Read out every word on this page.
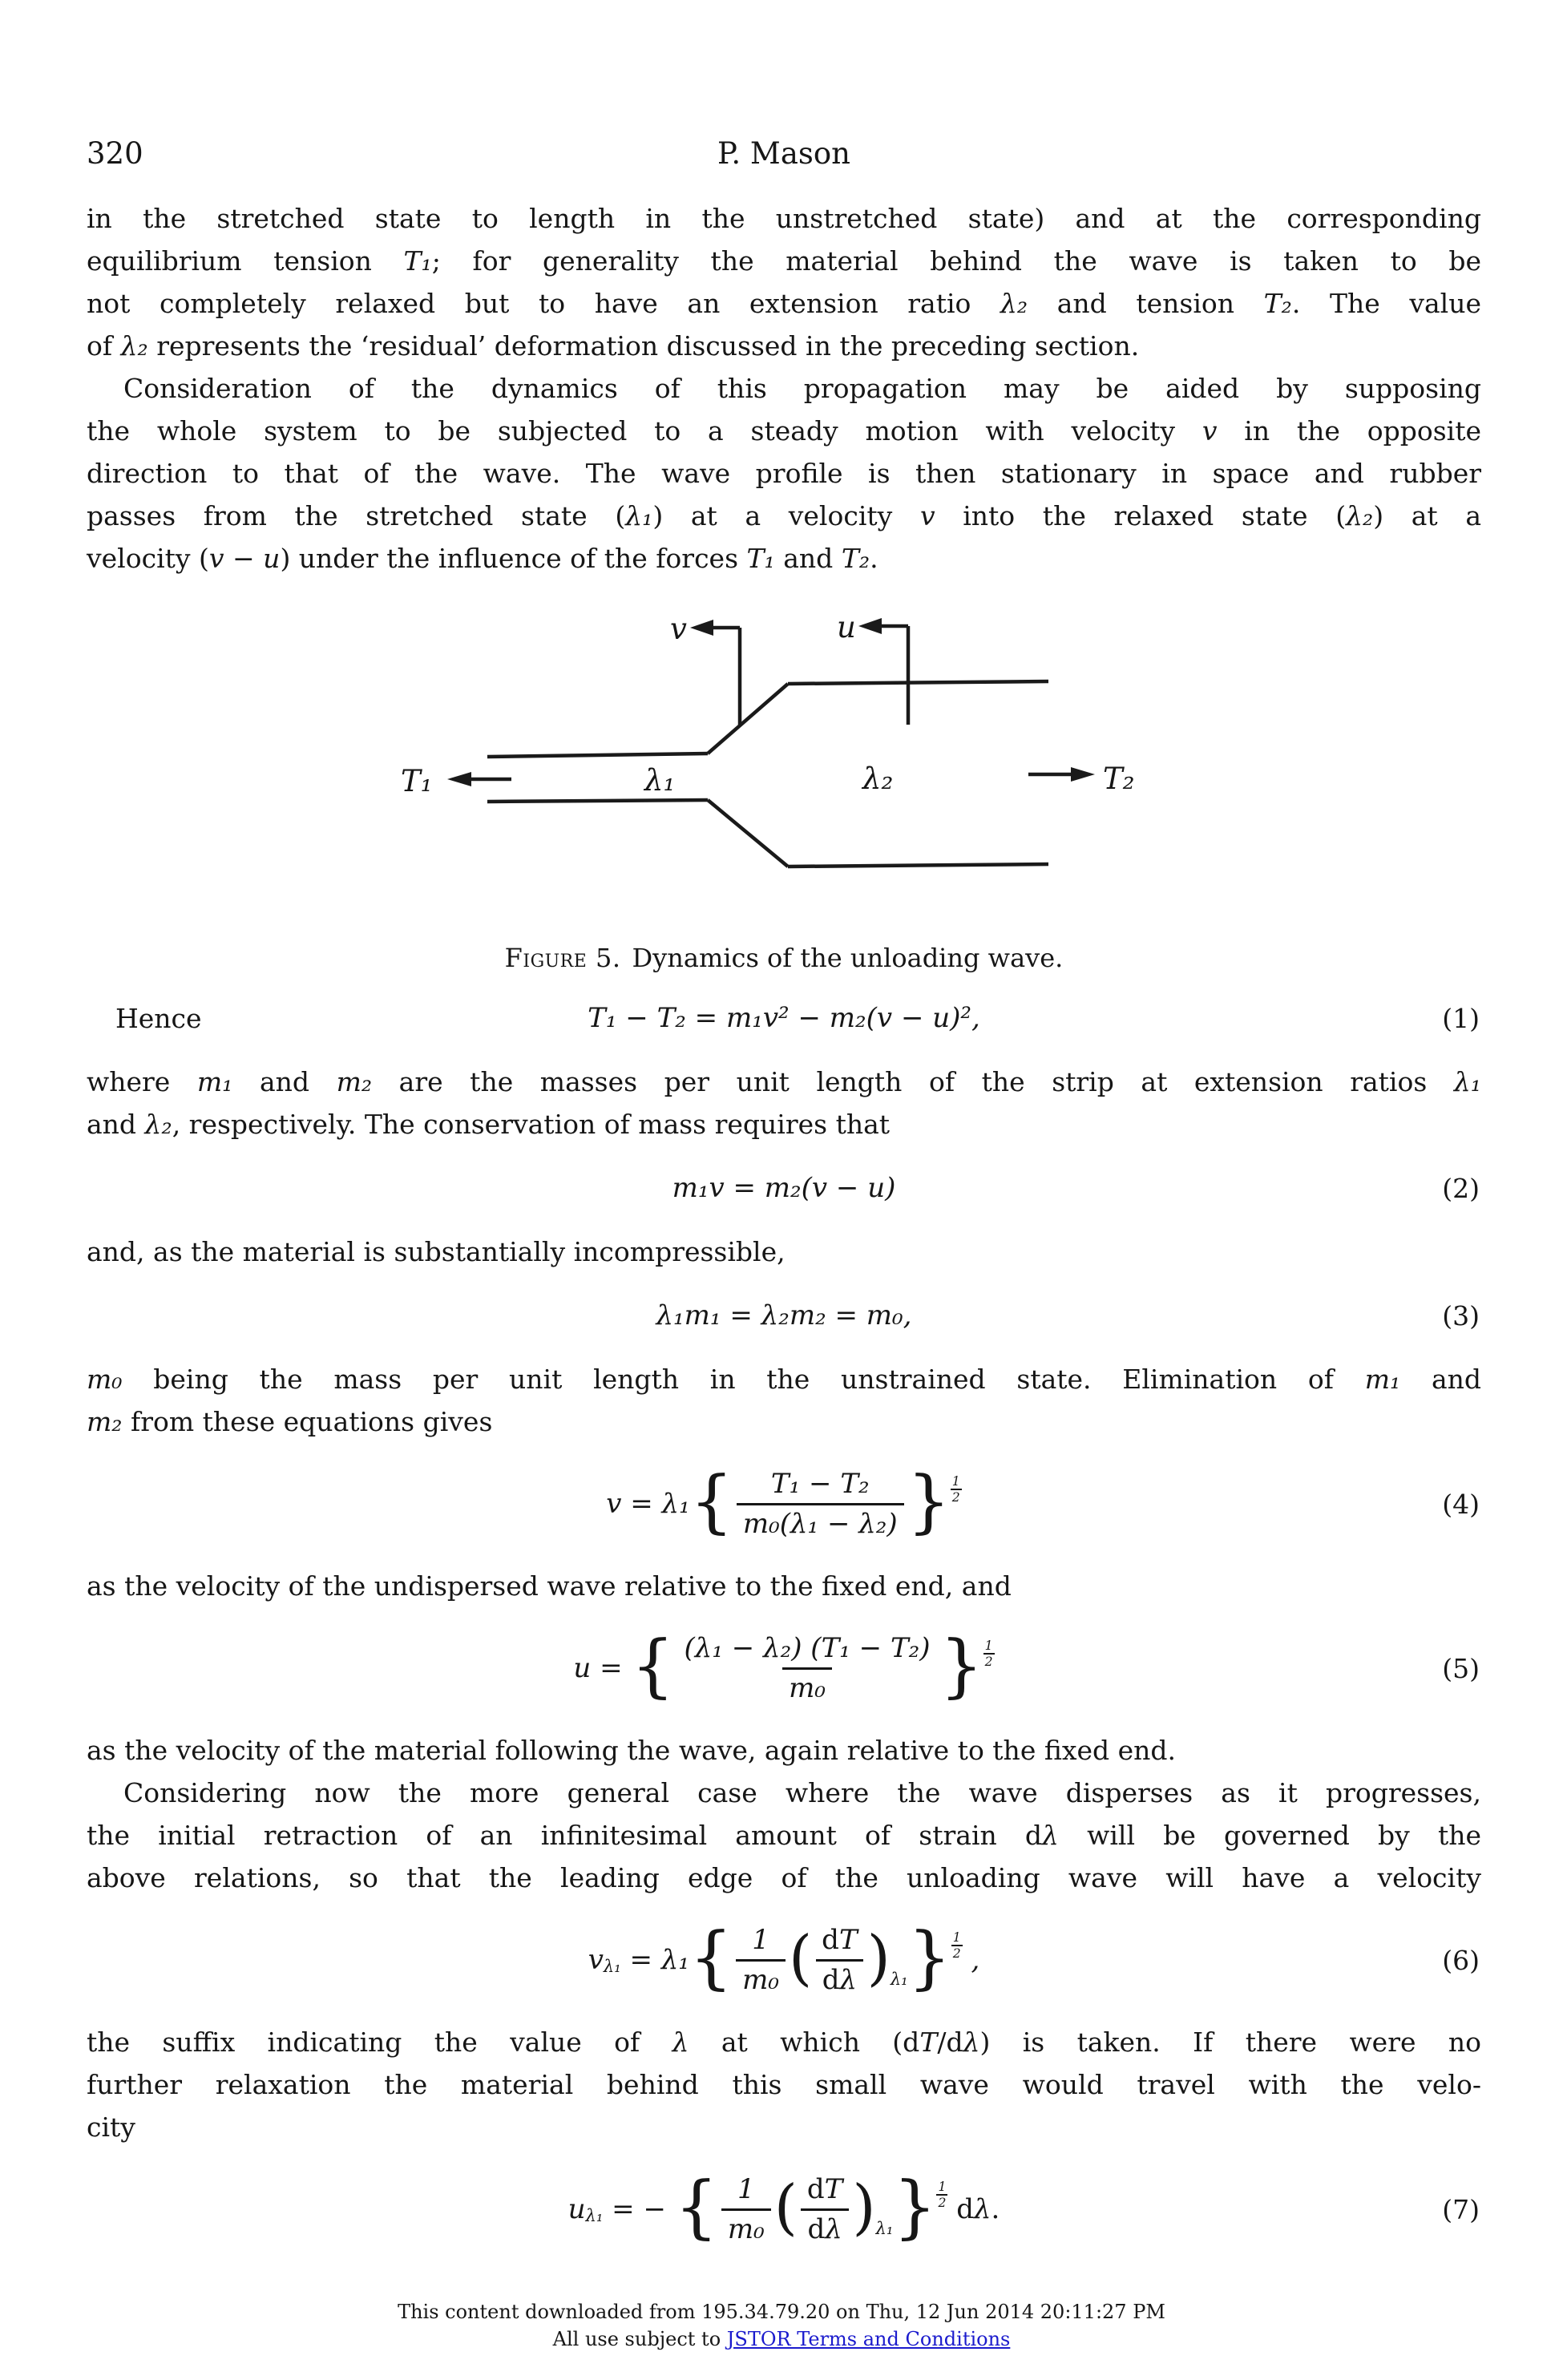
320	P. Mason
in the stretched state to length in the unstretched state) and at the corresponding
equilibrium tension T₁; for generality the material behind the wave is taken to be
not completely relaxed but to have an extension ratio λ₂ and tension T₂. The value
of λ₂ represents the ‘residual’ deformation discussed in the preceding section.
Consideration of the dynamics of this propagation may be aided by supposing
the whole system to be subjected to a steady motion with velocity v in the opposite
direction to that of the wave. The wave profile is then stationary in space and rubber
passes from the stretched state (λ₁) at a velocity v into the relaxed state (λ₂) at a
velocity (v − u) under the influence of the forces T₁ and T₂.
v	u
T₁	λ₁	λ₂	T₂
Figure 5. Dynamics of the unloading wave.
Hence	T₁ − T₂ = m₁v² − m₂(v − u)²,	(1)
where m₁ and m₂ are the masses per unit length of the strip at extension ratios λ₁
and λ₂, respectively. The conservation of mass requires that
m₁v = m₂(v − u)	(2)
and, as the material is substantially incompressible,
λ₁m₁ = λ₂m₂ = m₀,	(3)
m₀ being the mass per unit length in the unstrained state. Elimination of m₁ and
m₂ from these equations gives
v = λ₁ { $\frac{\text{T₁ − T₂}}{\text{m₀(λ₁ − λ₂)}}$ } $\frac{1}{2}$	(4)
as the velocity of the undispersed wave relative to the fixed end, and
u = { $\frac{\text{(λ₁ − λ₂) (T₁ − T₂)}}{\text{m₀}}$ } $\frac{1}{2}$	(5)
as the velocity of the material following the wave, again relative to the fixed end.
Considering now the more general case where the wave disperses as it progresses,
the initial retraction of an infinitesimal amount of strain dλ will be governed by the
above relations, so that the leading edge of the unloading wave will have a velocity
v λ₁ = λ₁ { $\frac{1}{\text{m₀}}$ ( $\frac{dT}{d\lambda}$ ) λ₁ } $\frac{1}{2}$ ,	(6)
the suffix indicating the value of λ at which (dT/dλ) is taken. If there were no
further relaxation the material behind this small wave would travel with the velo-
city
u λ₁ = − { $\frac{1}{\text{m₀}}$ ( $\frac{dT}{d\lambda}$ ) λ₁ } $\frac{1}{2}$ d λ .	(7)
This content downloaded from 195.34.79.20 on Thu, 12 Jun 2014 20:11:27 PM
All use subject to JSTOR Terms and Conditions
